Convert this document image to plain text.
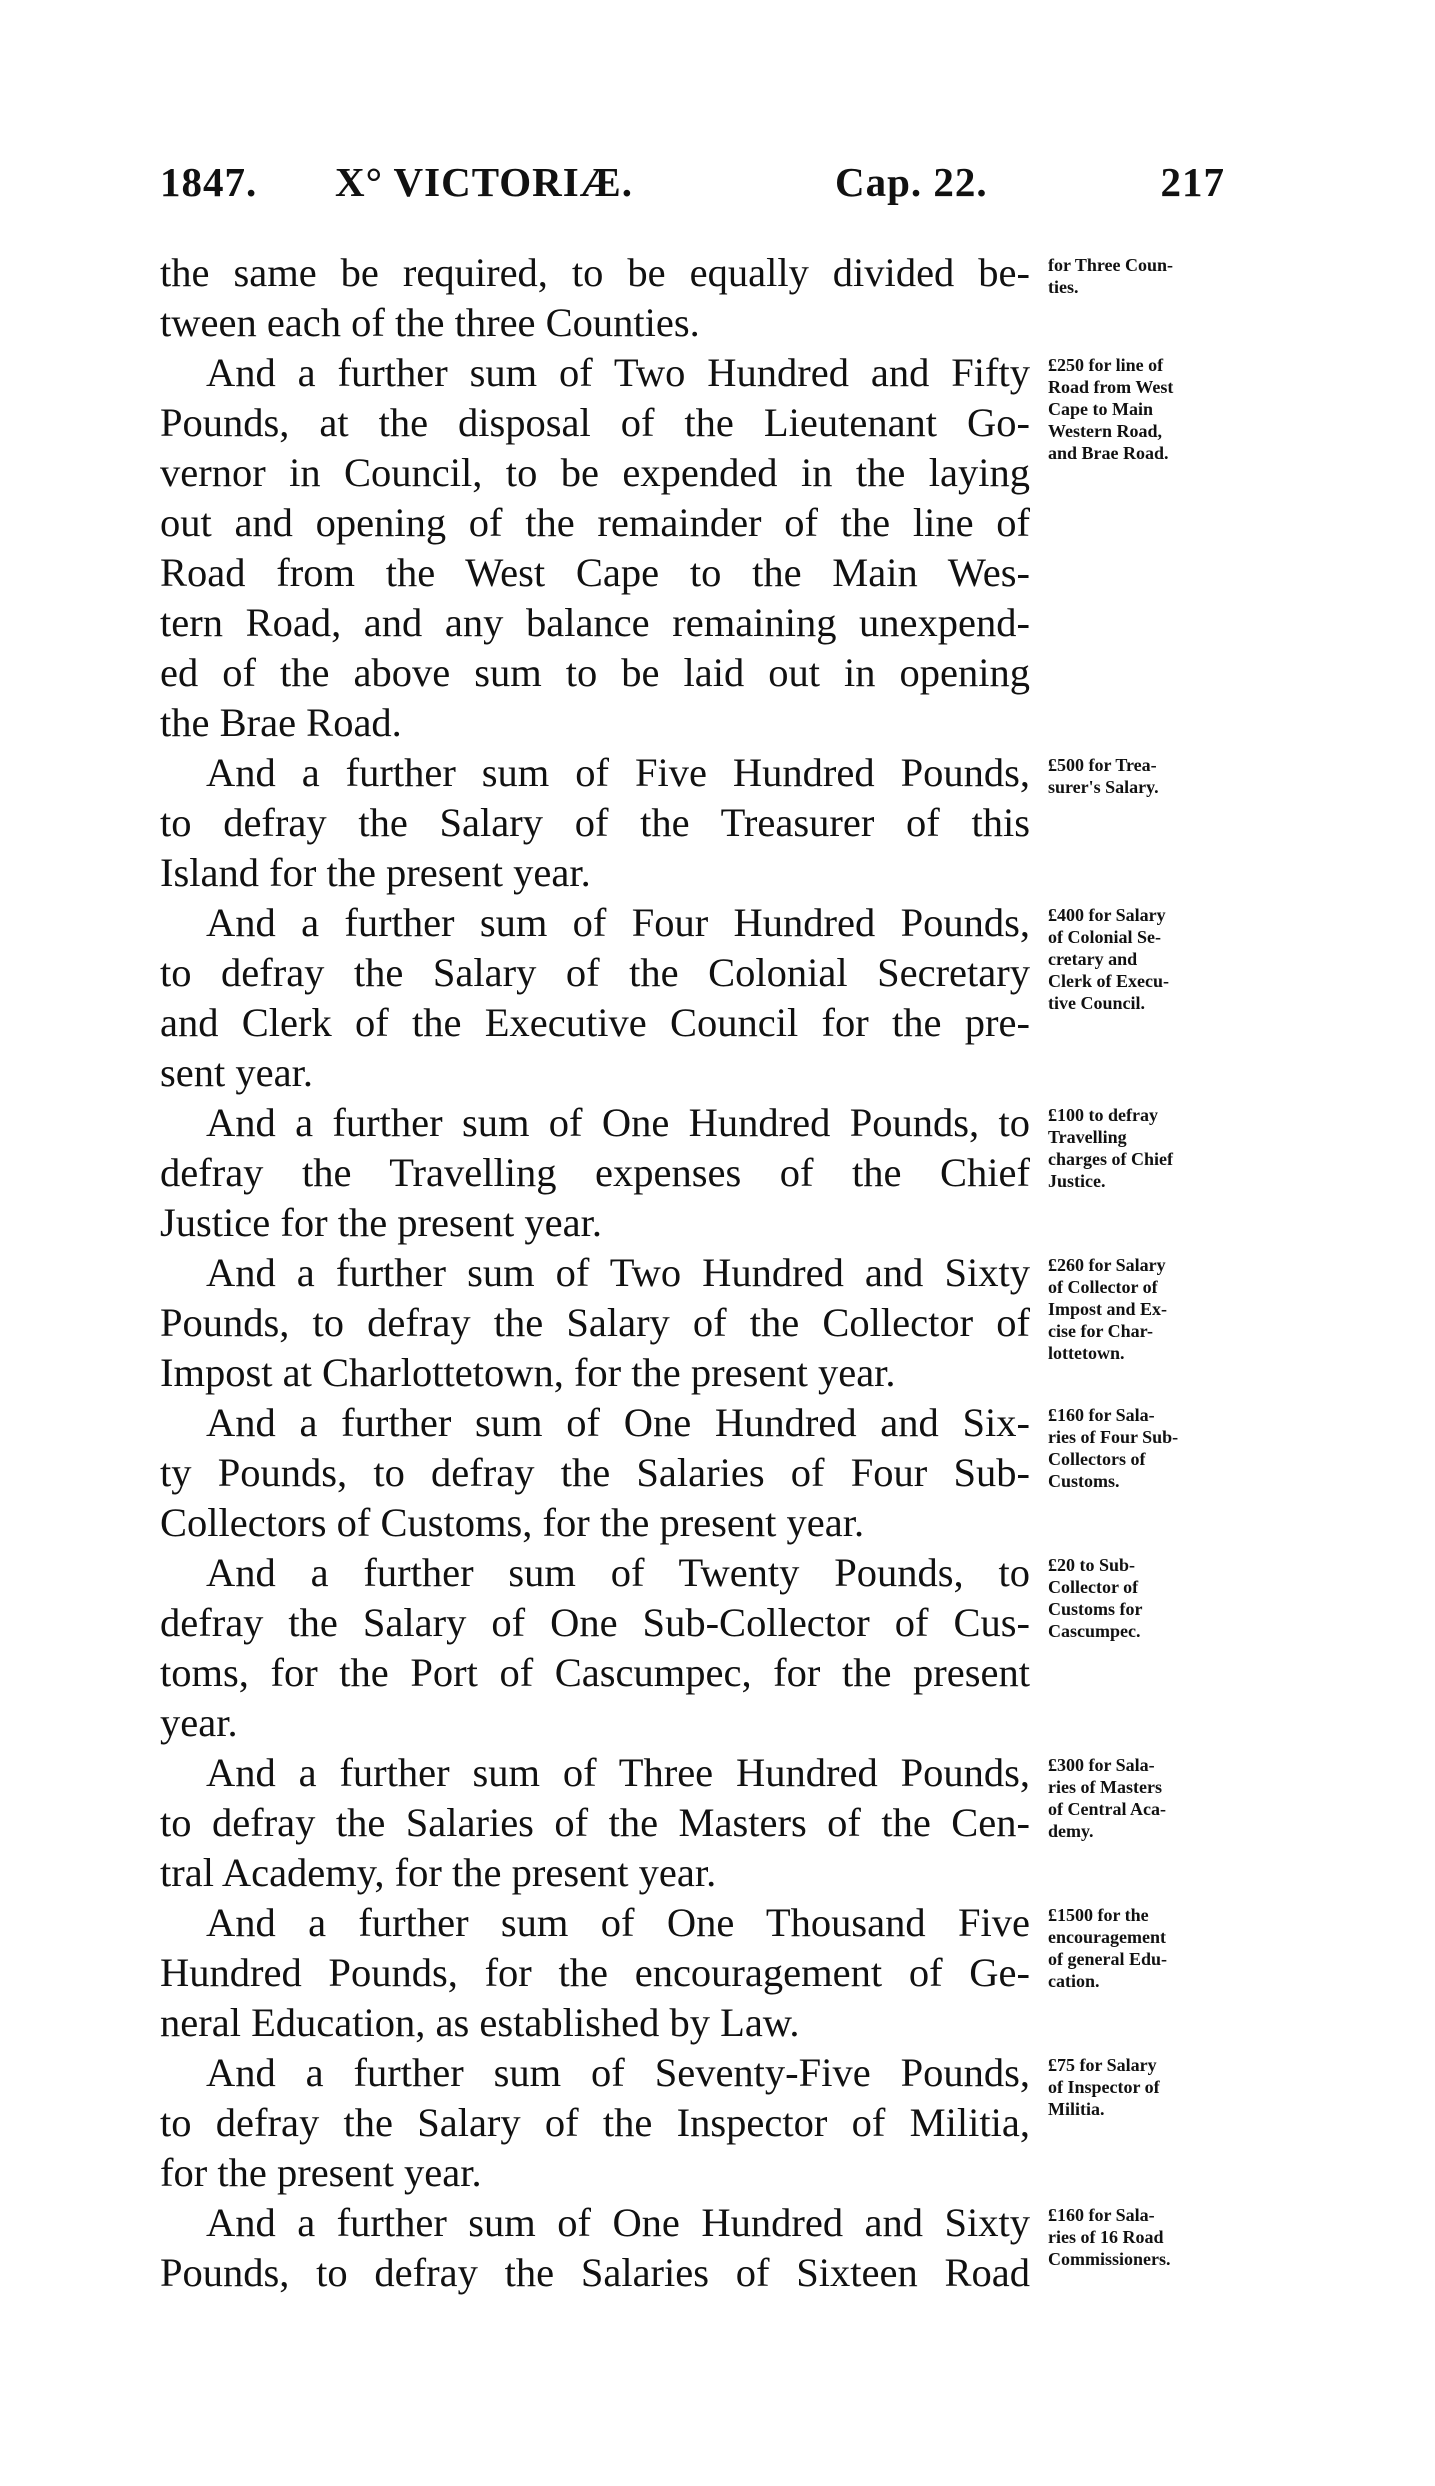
1847. X° VICTORIÆ.	Cap. 22.	217
the same be required, to be equally divided be-
tween each of the three Counties.
for Three Coun-
ties.
And a further sum of Two Hundred and Fifty
Pounds, at the disposal of the Lieutenant Go-
vernor in Council, to be expended in the laying
out and opening of the remainder of the line of
Road from the West Cape to the Main Wes-
tern Road, and any balance remaining unexpend-
ed of the above sum to be laid out in opening
the Brae Road.
£250 for line of
Road from West
Cape to Main
Western Road,
and Brae Road.
And a further sum of Five Hundred Pounds,
to defray the Salary of the Treasurer of this
Island for the present year.
£500 for Trea-
surer's Salary.
And a further sum of Four Hundred Pounds,
to defray the Salary of the Colonial Secretary
and Clerk of the Executive Council for the pre-
sent year.
£400 for Salary
of Colonial Se-
cretary and
Clerk of Execu-
tive Council.
And a further sum of One Hundred Pounds, to
defray the Travelling expenses of the Chief
Justice for the present year.
£100 to defray
Travelling
charges of Chief
Justice.
And a further sum of Two Hundred and Sixty
Pounds, to defray the Salary of the Collector of
Impost at Charlottetown, for the present year.
£260 for Salary
of Collector of
Impost and Ex-
cise for Char-
lottetown.
And a further sum of One Hundred and Six-
ty Pounds, to defray the Salaries of Four Sub-
Collectors of Customs, for the present year.
£160 for Sala-
ries of Four Sub-
Collectors of
Customs.
And a further sum of Twenty Pounds, to
defray the Salary of One Sub-Collector of Cus-
toms, for the Port of Cascumpec, for the present
year.
£20 to Sub-
Collector of
Customs for
Cascumpec.
And a further sum of Three Hundred Pounds,
to defray the Salaries of the Masters of the Cen-
tral Academy, for the present year.
£300 for Sala-
ries of Masters
of Central Aca-
demy.
And a further sum of One Thousand Five
Hundred Pounds, for the encouragement of Ge-
neral Education, as established by Law.
£1500 for the
encouragement
of general Edu-
cation.
And a further sum of Seventy-Five Pounds,
to defray the Salary of the Inspector of Militia,
for the present year.
£75 for Salary
of Inspector of
Militia.
And a further sum of One Hundred and Sixty
Pounds, to defray the Salaries of Sixteen Road
£160 for Sala-
ries of 16 Road
Commissioners.
